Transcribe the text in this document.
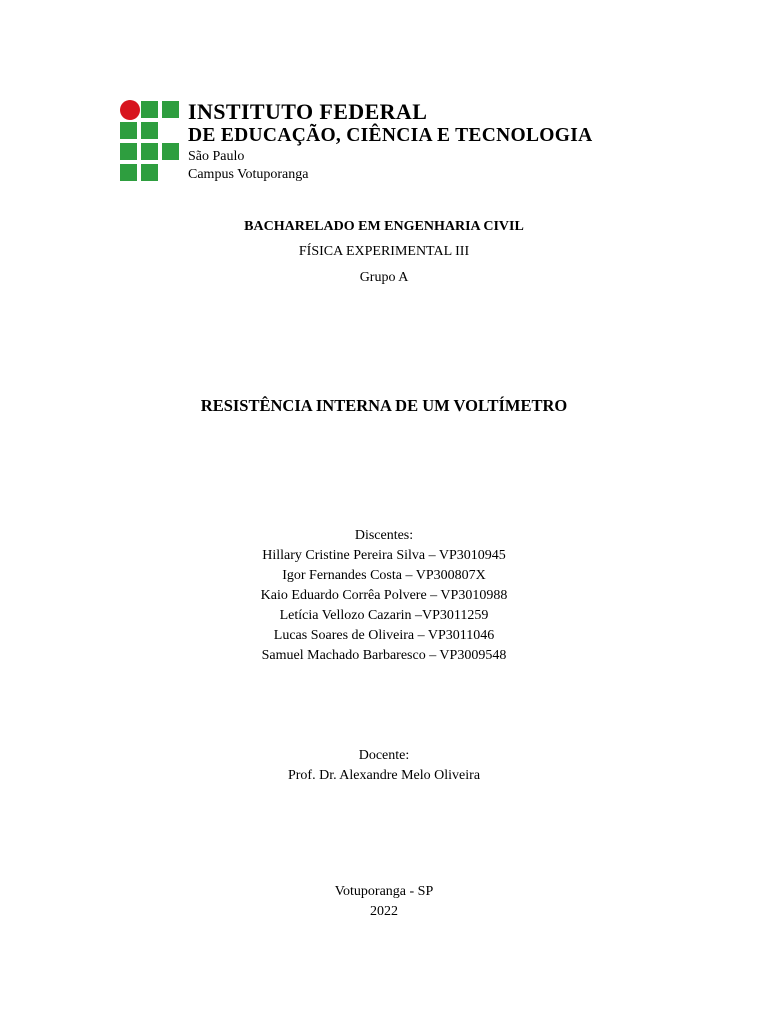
INSTITUTO FEDERAL
DE EDUCAÇÃO, CIÊNCIA E TECNOLOGIA
São Paulo
Campus Votuporanga
BACHARELADO EM ENGENHARIA CIVIL
FÍSICA EXPERIMENTAL III
Grupo A
RESISTÊNCIA INTERNA DE UM VOLTÍMETRO
Discentes:
Hillary Cristine Pereira Silva – VP3010945
Igor Fernandes Costa – VP300807X
Kaio Eduardo Corrêa Polvere – VP3010988
Letícia Vellozo Cazarin –VP3011259
Lucas Soares de Oliveira – VP3011046
Samuel Machado Barbaresco – VP3009548
Docente:
Prof. Dr. Alexandre Melo Oliveira
Votuporanga - SP
2022
